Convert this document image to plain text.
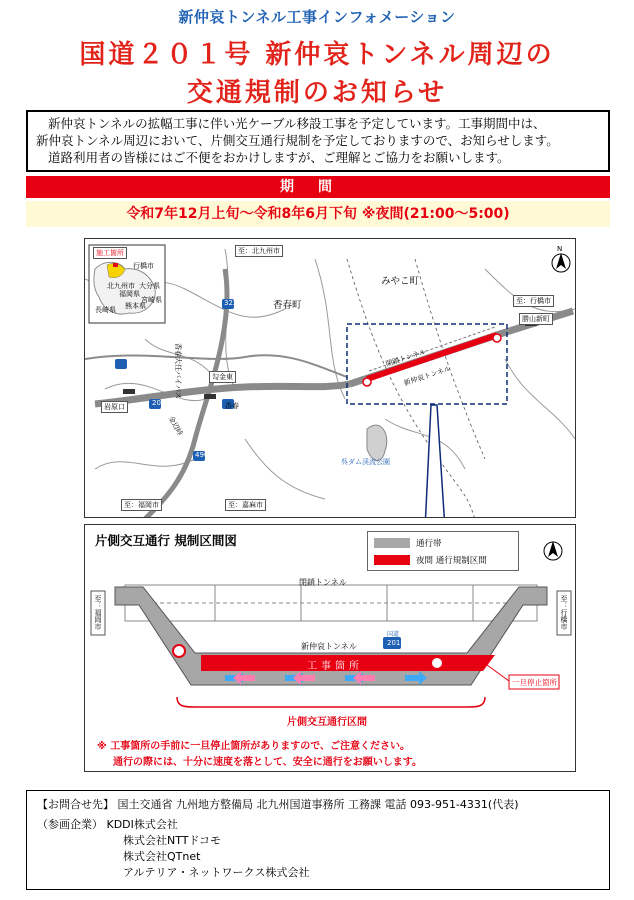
新仲哀トンネル工事インフォメーション
国道２０１号 新仲哀トンネル周辺の
交通規制のお知らせ

新仲哀トンネルの拡幅工事に伴い光ケーブル移設工事を予定しています。工事期間中は、

新仲哀トンネル周辺において、片側交互通行規制を予定しておりますので、お知らせします。

道路利用者の皆様にはご不便をおかけしますが、ご理解とご協力をお願いします。

期間
令和7年12月上旬～令和8年6月下旬 ※夜間(21:00～5:00)
N
施工箇所
北九州市
行橋市
福岡県
大分県
熊本県
宮崎県
長崎県	香春町
みやこ町
至：北九州市
至：行橋市
至：福岡市	至：嘉麻市
香春大任バイパス	閉鎖トンネル
新仲哀トンネル
呉ダム渓流公園
勾金東
岩原口
勝山新町
香春
金辺峠
201
322
496
片側交互通行 規制区間図	通行帯
夜間 通行規制区間
閉鎖トンネル
新仲哀トンネル
工事箇所
国道
201
一旦停止箇所
片側交互通行区間
至：福岡市	至：行橋市
※ 工事箇所の手前に一旦停止箇所がありますので、ご注意ください。
通行の際には、十分に速度を落として、安全に通行をお願いします。
【お問合せ先】 国土交通省 九州地方整備局 北九州国道事務所 工務課 電話 093-951-4331(代表)
（参画企業） KDDI株式会社
株式会社NTTドコモ
株式会社QTnet
アルテリア・ネットワークス株式会社
